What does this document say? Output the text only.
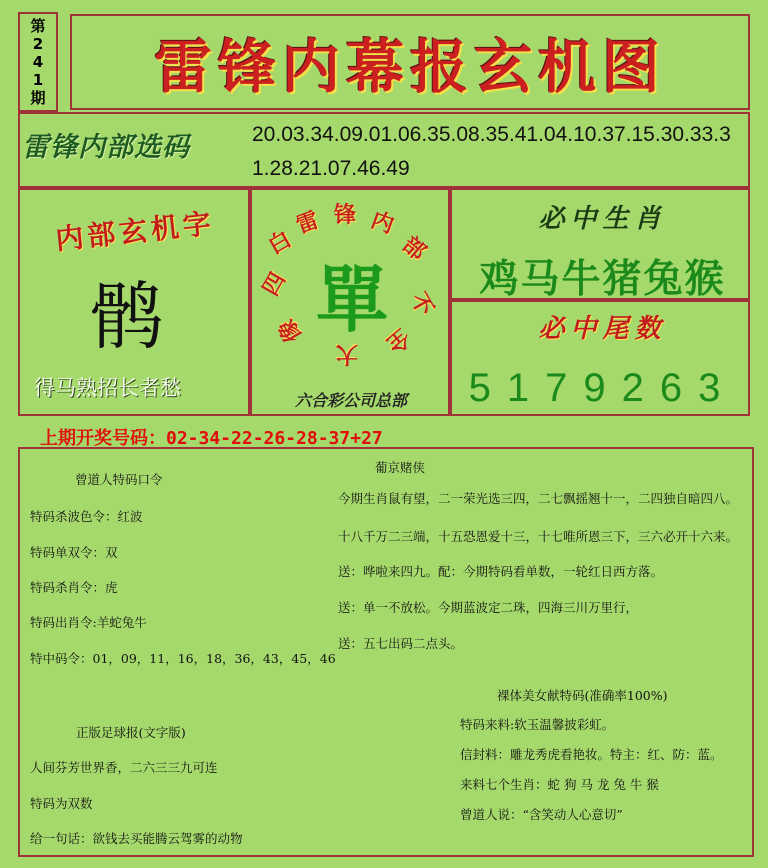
第
2
4
1
期	雷锋内幕报玄机图
雷锋内部选码	20.03.34.09.01.06.35.08.35.41.04.10.37.15.30.33.31.28.21.07.46.49
内部玄机字
鹘
得马熟招长者愁
白
雷 锋 内
部
四
不
像
大 全
單
六合彩公司总部
必中生肖
鸡马牛猪兔猴
必中尾数
5179263
上期开奖号码：02-34-22-26-28-37+27
曾道人特码口令
特码杀波色令：红波
特码单双令：双
特码杀肖令：虎
特码出肖令:羊蛇兔牛
特中码令：01，09，11，16，18，36，43，45，46
正版足球报(文字版)
人间芬芳世界香，二六三三九可连
特码为双数
给一句话：欲钱去买能腾云驾雾的动物
葡京赌侠
今期生肖鼠有望，二一荣光选三四，二七飘摇翘十一，二四独自暗四八。
十八千万二三端，十五恐恩爱十三，十七唯所恩三下，三六必开十六来。
送：哗啦来四九。配：今期特码看单数，一轮红日西方落。
送：单一不放松。今期蓝波定二珠，四海三川万里行，
送：五七出码二点头。
裸体美女献特码(准确率100%)
特码来料:软玉温馨披彩虹。
信封料：雕龙秀虎看艳妆。特主：红、防：蓝。
来料七个生肖：蛇 狗 马 龙 兔 牛 猴
曾道人说：“含笑动人心意切”
